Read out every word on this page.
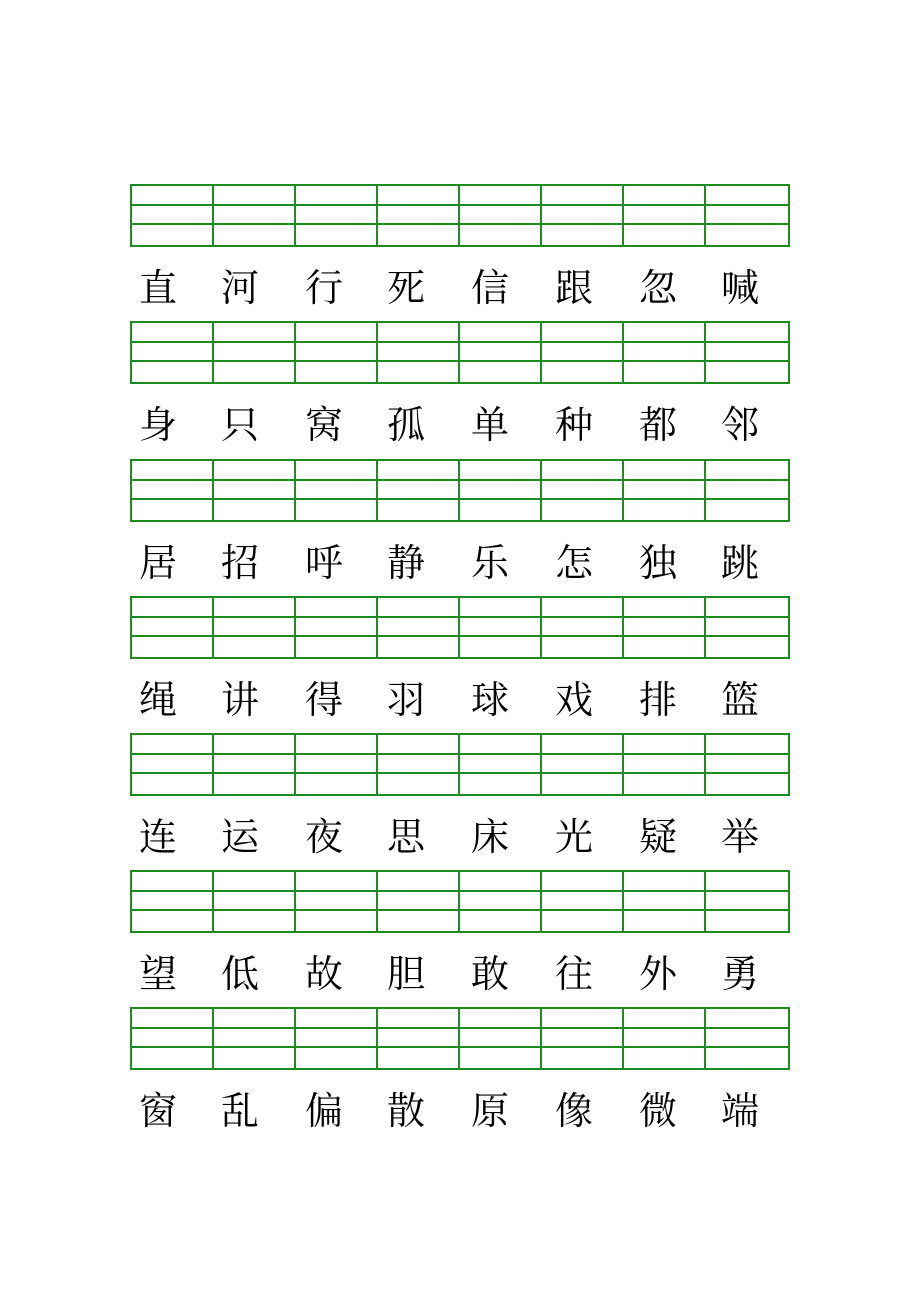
直 河 行 死 信 跟 忽 喊
身 只 窝 孤 单 种 都 邻
居 招 呼 静 乐 怎 独 跳
绳 讲 得 羽 球 戏 排 篮
连 运 夜 思 床 光 疑 举
望 低 故 胆 敢 往 外 勇
窗 乱 偏 散 原 像 微 端
